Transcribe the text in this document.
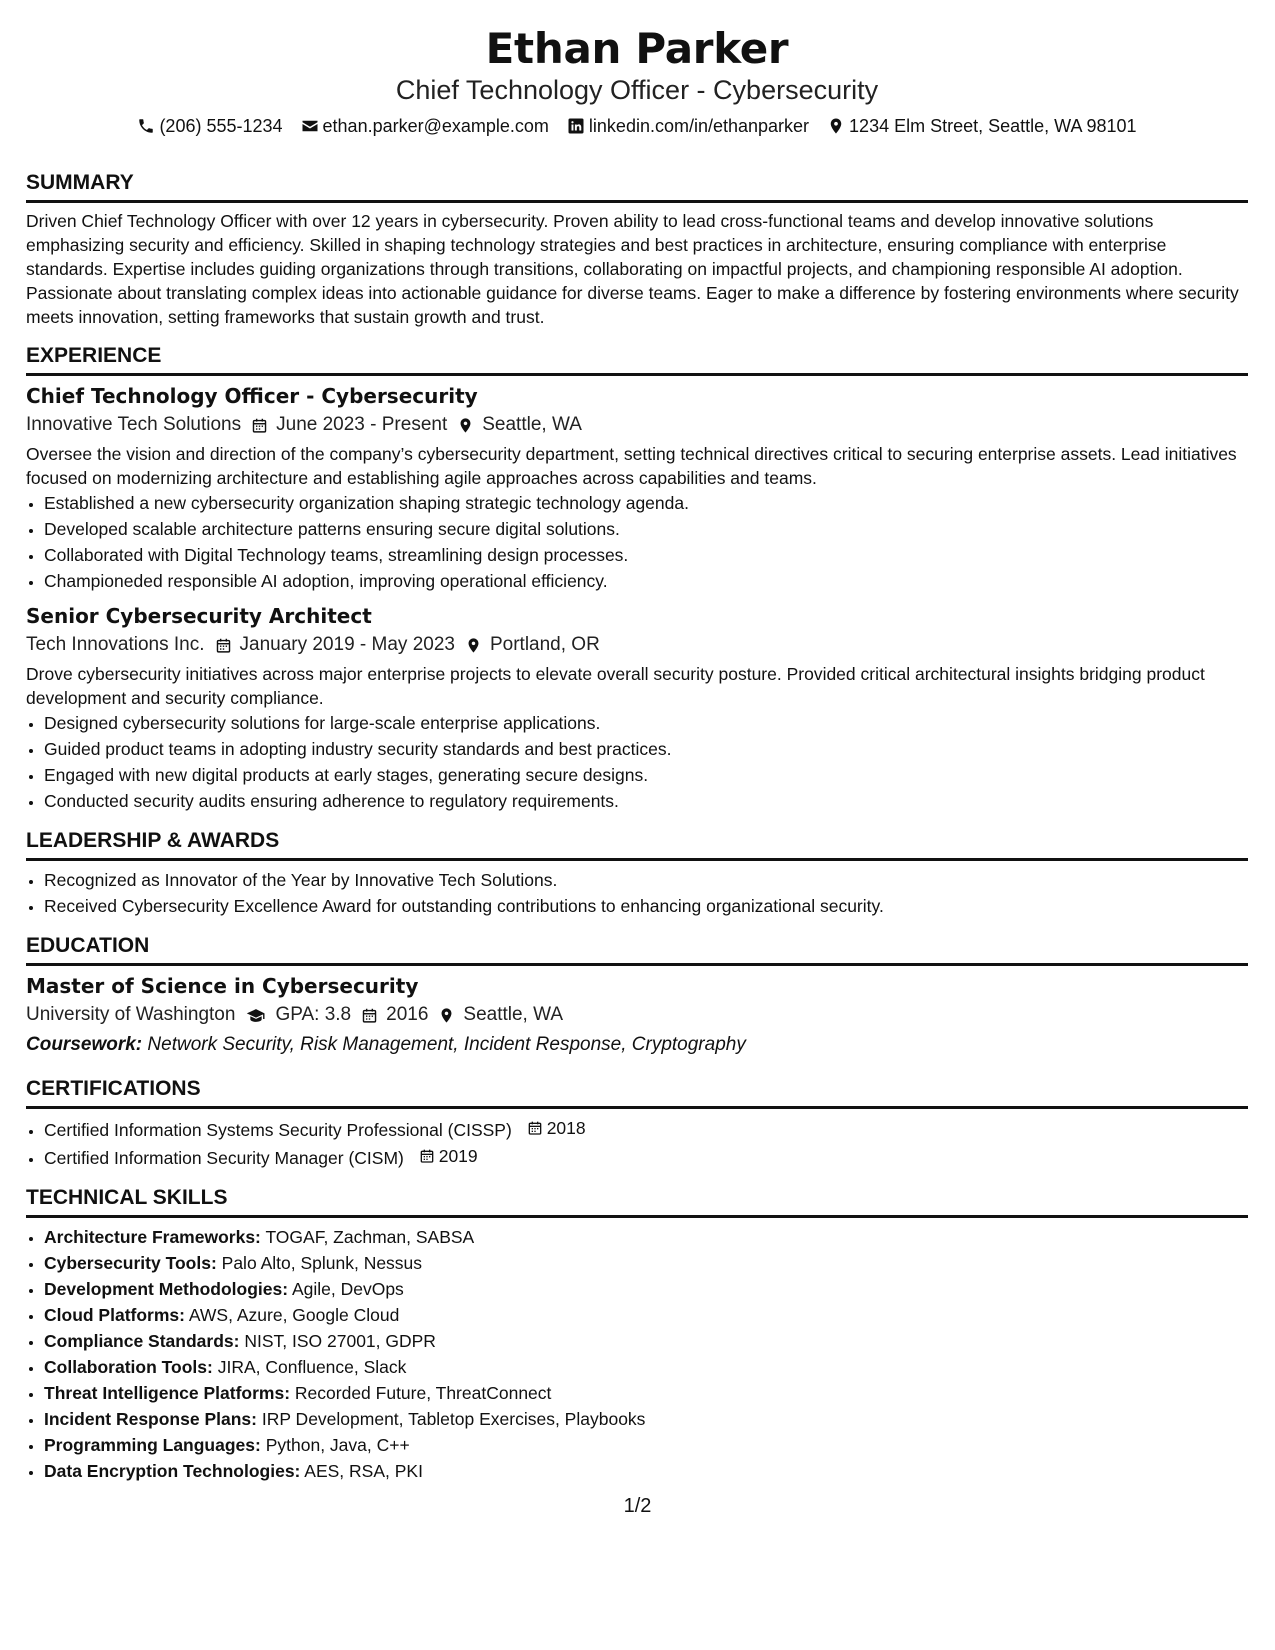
Ethan Parker
Chief Technology Officer - Cybersecurity
(206) 555-1234 ethan.parker@example.com linkedin.com/in/ethanparker 1234 Elm Street, Seattle, WA 98101
SUMMARY

Driven Chief Technology Officer with over 12 years in cybersecurity. Proven ability to lead cross-functional teams and develop innovative solutions emphasizing security and efficiency. Skilled in shaping technology strategies and best practices in architecture, ensuring compliance with enterprise standards. Expertise includes guiding organizations through transitions, collaborating on impactful projects, and championing responsible AI adoption. Passionate about translating complex ideas into actionable guidance for diverse teams. Eager to make a difference by fostering environments where security meets innovation, setting frameworks that sustain growth and trust.

EXPERIENCE
Chief Technology Officer - Cybersecurity
Innovative Tech Solutions June 2023 - Present Seattle, WA

Oversee the vision and direction of the company’s cybersecurity department, setting technical directives critical to securing enterprise assets. Lead initiatives focused on modernizing architecture and establishing agile approaches across capabilities and teams.

• Established a new cybersecurity organization shaping strategic technology agenda.
• Developed scalable architecture patterns ensuring secure digital solutions.
• Collaborated with Digital Technology teams, streamlining design processes.
• Championeded responsible AI adoption, improving operational efficiency.
Senior Cybersecurity Architect
Tech Innovations Inc. January 2019 - May 2023 Portland, OR

Drove cybersecurity initiatives across major enterprise projects to elevate overall security posture. Provided critical architectural insights bridging product development and security compliance.

• Designed cybersecurity solutions for large-scale enterprise applications.
• Guided product teams in adopting industry security standards and best practices.
• Engaged with new digital products at early stages, generating secure designs.
• Conducted security audits ensuring adherence to regulatory requirements.
LEADERSHIP & AWARDS
• Recognized as Innovator of the Year by Innovative Tech Solutions.
• Received Cybersecurity Excellence Award for outstanding contributions to enhancing organizational security.
EDUCATION
Master of Science in Cybersecurity
University of Washington GPA: 3.8 2016 Seattle, WA
Coursework: Network Security, Risk Management, Incident Response, Cryptography
CERTIFICATIONS
• Certified Information Systems Security Professional (CISSP) 2018
• Certified Information Security Manager (CISM) 2019
TECHNICAL SKILLS
• Architecture Frameworks: TOGAF, Zachman, SABSA
• Cybersecurity Tools: Palo Alto, Splunk, Nessus
• Development Methodologies: Agile, DevOps
• Cloud Platforms: AWS, Azure, Google Cloud
• Compliance Standards: NIST, ISO 27001, GDPR
• Collaboration Tools: JIRA, Confluence, Slack
• Threat Intelligence Platforms: Recorded Future, ThreatConnect
• Incident Response Plans: IRP Development, Tabletop Exercises, Playbooks
• Programming Languages: Python, Java, C++
• Data Encryption Technologies: AES, RSA, PKI
1/2
